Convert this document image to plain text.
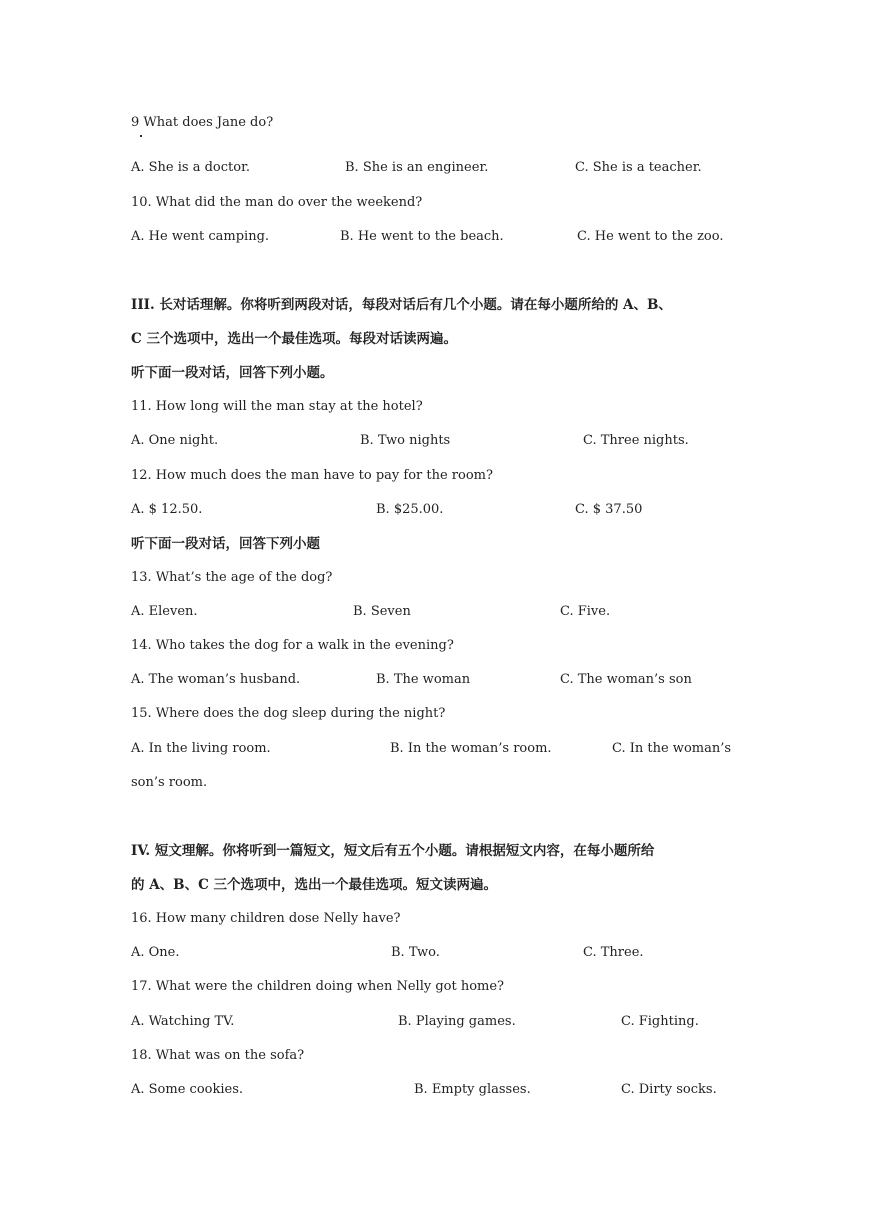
9 What does Jane do?
A. She is a doctor.	B. She is an engineer.	C. She is a teacher.
10. What did the man do over the weekend?
A. He went camping.	B. He went to the beach.	C. He went to the zoo.
III. 长对话理解。你将听到两段对话，每段对话后有几个小题。请在每小题所给的 A、B、
C 三个选项中，选出一个最佳选项。每段对话读两遍。
听下面一段对话，回答下列小题。
11. How long will the man stay at the hotel?
A. One night.	B. Two nights	C. Three nights.
12. How much does the man have to pay for the room?
A. $ 12.50.	B. $25.00.	C. $ 37.50
听下面一段对话，回答下列小题
13. What’s the age of the dog?
A. Eleven.	B. Seven	C. Five.
14. Who takes the dog for a walk in the evening?
A. The woman’s husband.	B. The woman	C. The woman’s son
15. Where does the dog sleep during the night?
A. In the living room.	B. In the woman’s room.	C. In the woman’s
son’s room.
IV. 短文理解。你将听到一篇短文，短文后有五个小题。请根据短文内容，在每小题所给
的 A、B、C 三个选项中，选出一个最佳选项。短文读两遍。
16. How many children dose Nelly have?
A. One.	B. Two.	C. Three.
17. What were the children doing when Nelly got home?
A. Watching TV.	B. Playing games.	C. Fighting.
18. What was on the sofa?
A. Some cookies.	B. Empty glasses.	C. Dirty socks.
